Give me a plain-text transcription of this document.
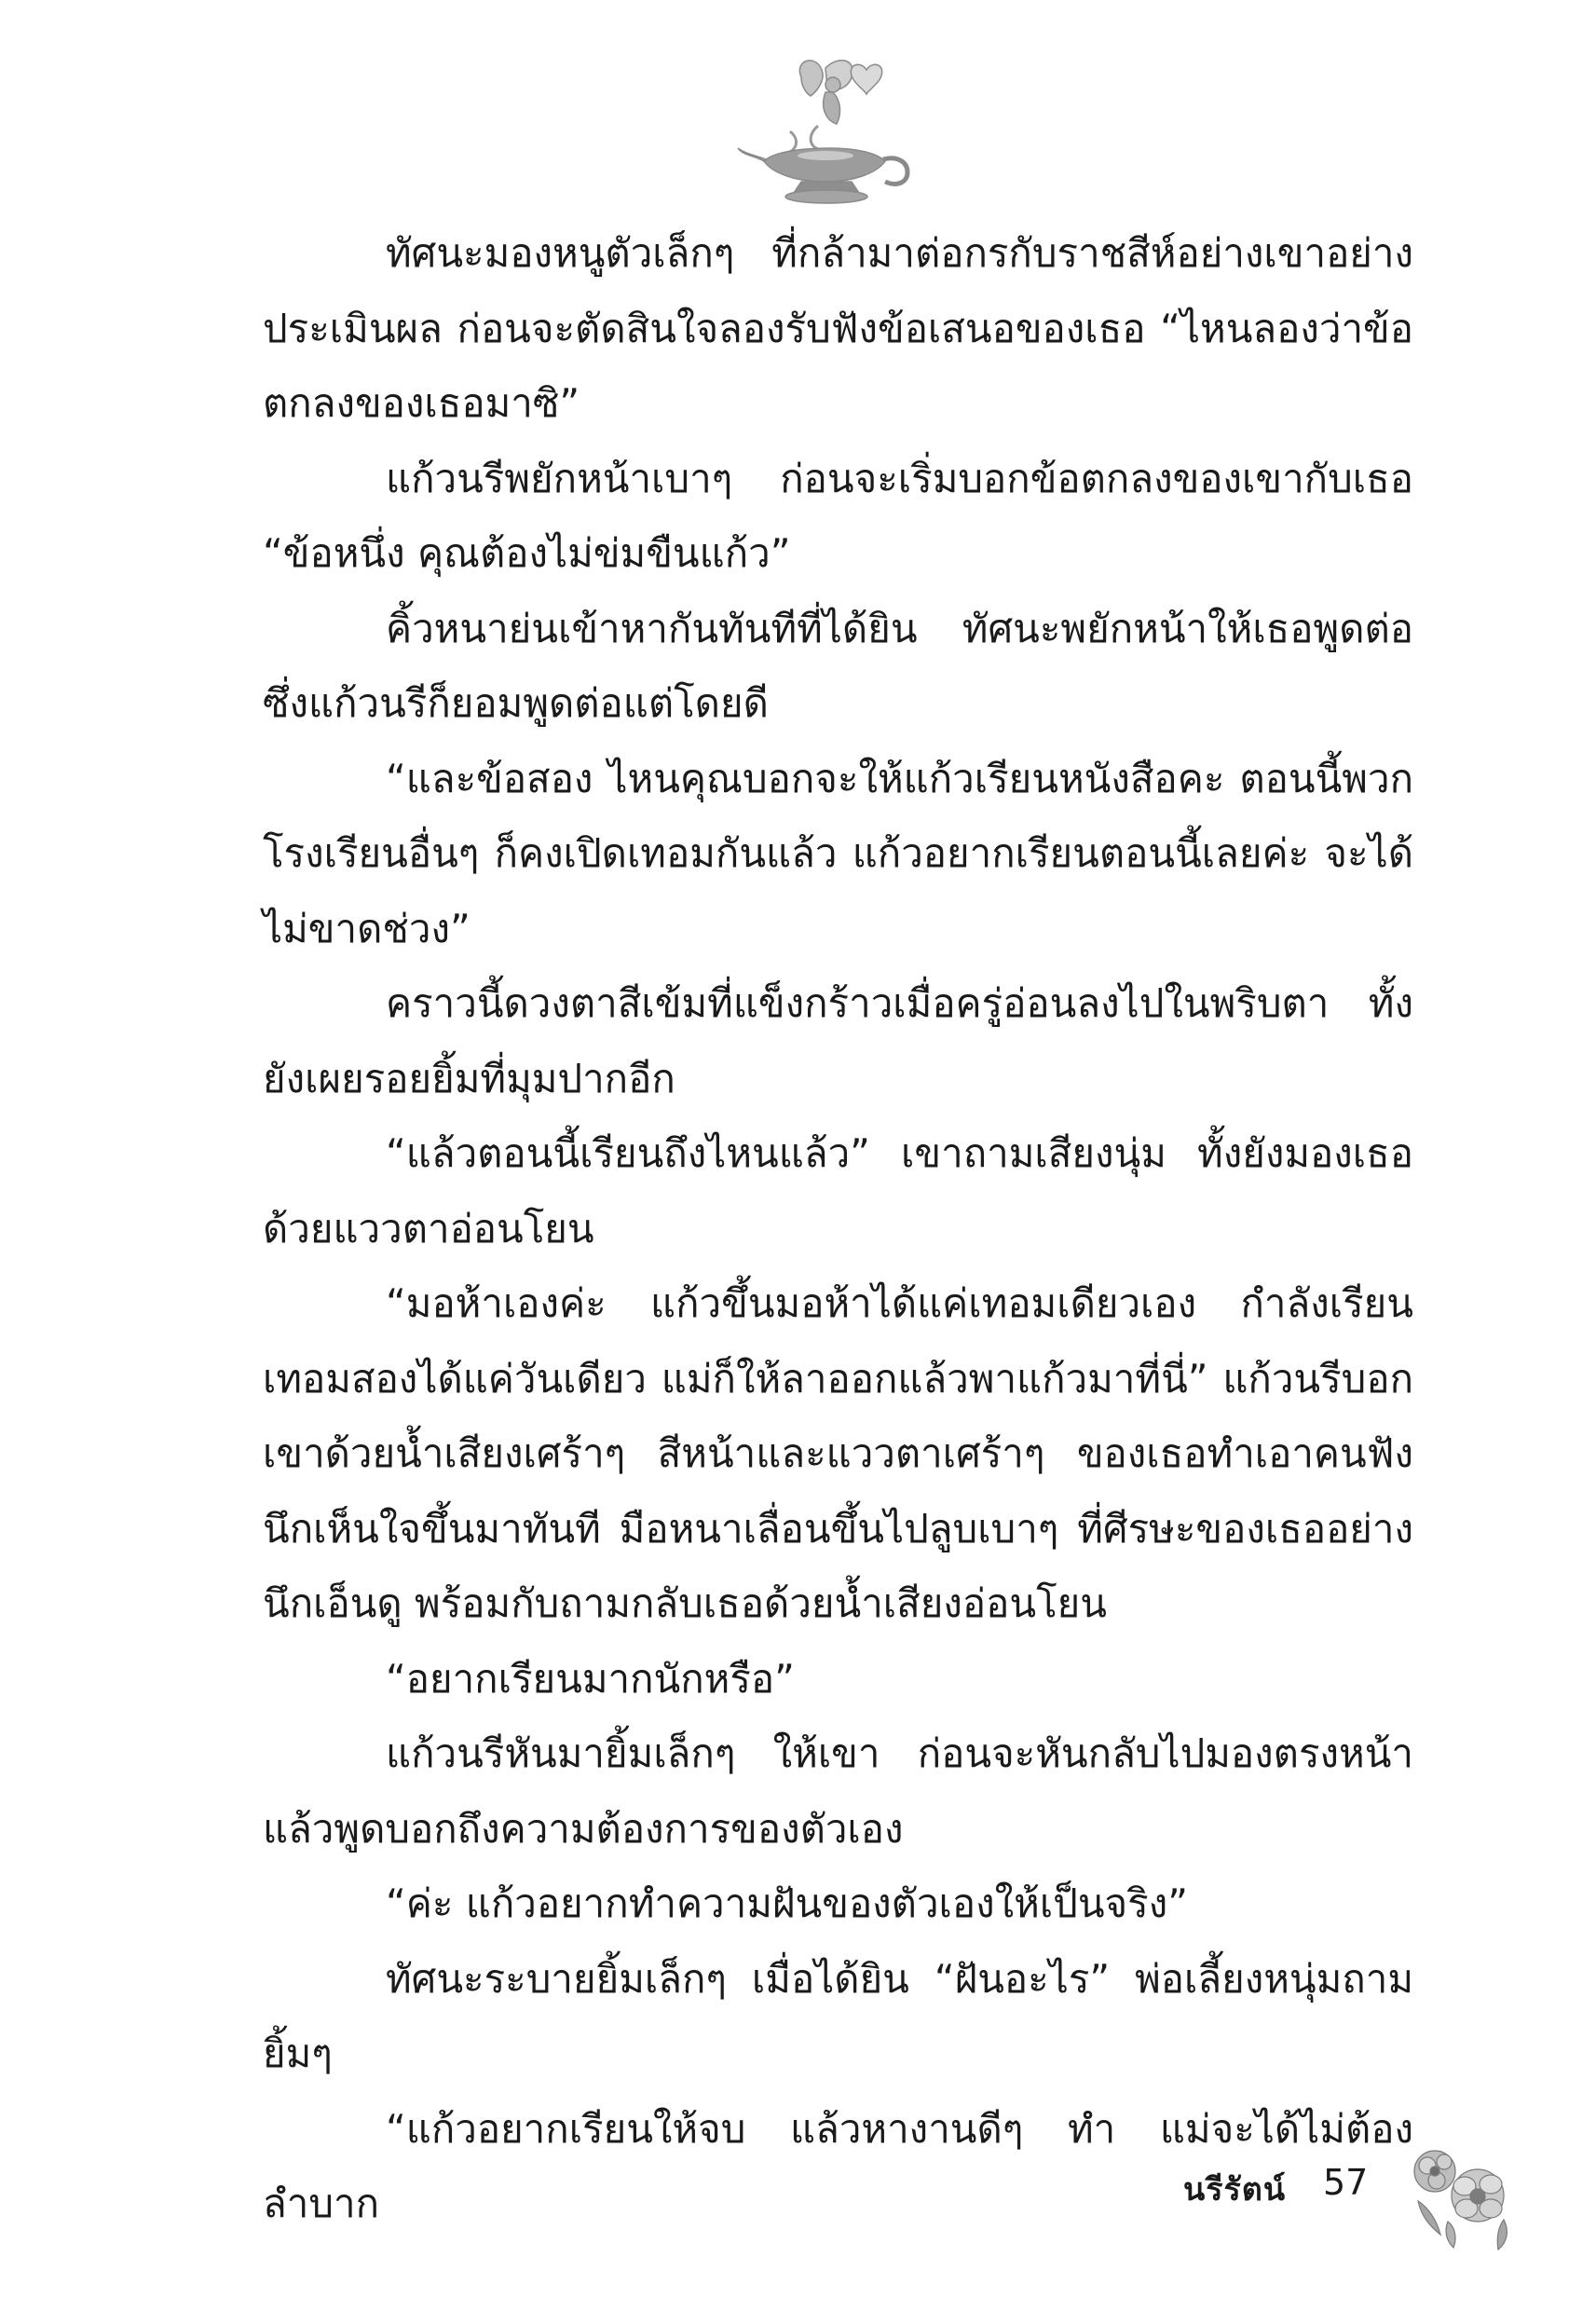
ทัศนะมองหนูตัวเล็กๆ ที่กล้ามาต่อกรกับราชสีห์อย่างเขาอย่างประเมินผล ก่อนจะตัดสินใจลองรับฟังข้อเสนอของเธอ “ไหนลองว่าข้อตกลงของเธอมาซิ”

แก้วนรีพยักหน้าเบาๆ ก่อนจะเริ่มบอกข้อตกลงของเขากับเธอ “ข้อหนึ่ง คุณต้องไม่ข่มขืนแก้ว”

คิ้วหนาย่นเข้าหากันทันทีที่ได้ยิน ทัศนะพยักหน้าให้เธอพูดต่อ ซึ่งแก้วนรีก็ยอมพูดต่อแต่โดยดี

“และข้อสอง ไหนคุณบอกจะให้แก้วเรียนหนังสือคะ ตอนนี้พวกโรงเรียนอื่นๆ ก็คงเปิดเทอมกันแล้ว แก้วอยากเรียนตอนนี้เลยค่ะ จะได้ไม่ขาดช่วง”

คราวนี้ดวงตาสีเข้มที่แข็งกร้าวเมื่อครู่อ่อนลงไปในพริบตา ทั้งยังเผยรอยยิ้มที่มุมปากอีก

“แล้วตอนนี้เรียนถึงไหนแล้ว” เขาถามเสียงนุ่ม ทั้งยังมองเธอด้วยแววตาอ่อนโยน

“มอห้าเองค่ะ แก้วขึ้นมอห้าได้แค่เทอมเดียวเอง กำลังเรียนเทอมสองได้แค่วันเดียว แม่ก็ให้ลาออกแล้วพาแก้วมาที่นี่” แก้วนรีบอกเขาด้วยน้ำเสียงเศร้าๆ สีหน้าและแววตาเศร้าๆ ของเธอทำเอาคนฟังนึกเห็นใจขึ้นมาทันที มือหนาเลื่อนขึ้นไปลูบเบาๆ ที่ศีรษะของเธออย่างนึกเอ็นดู พร้อมกับถามกลับเธอด้วยน้ำเสียงอ่อนโยน

“อยากเรียนมากนักหรือ”

แก้วนรีหันมายิ้มเล็กๆ ให้เขา ก่อนจะหันกลับไปมองตรงหน้าแล้วพูดบอกถึงความต้องการของตัวเอง

“ค่ะ แก้วอยากทำความฝันของตัวเองให้เป็นจริง”

ทัศนะระบายยิ้มเล็กๆ เมื่อได้ยิน “ฝันอะไร” พ่อเลี้ยงหนุ่มถามยิ้มๆ

“แก้วอยากเรียนให้จบ แล้วหางานดีๆ ทำ แม่จะได้ไม่ต้องลำบาก	นรีรัตน์ 57
